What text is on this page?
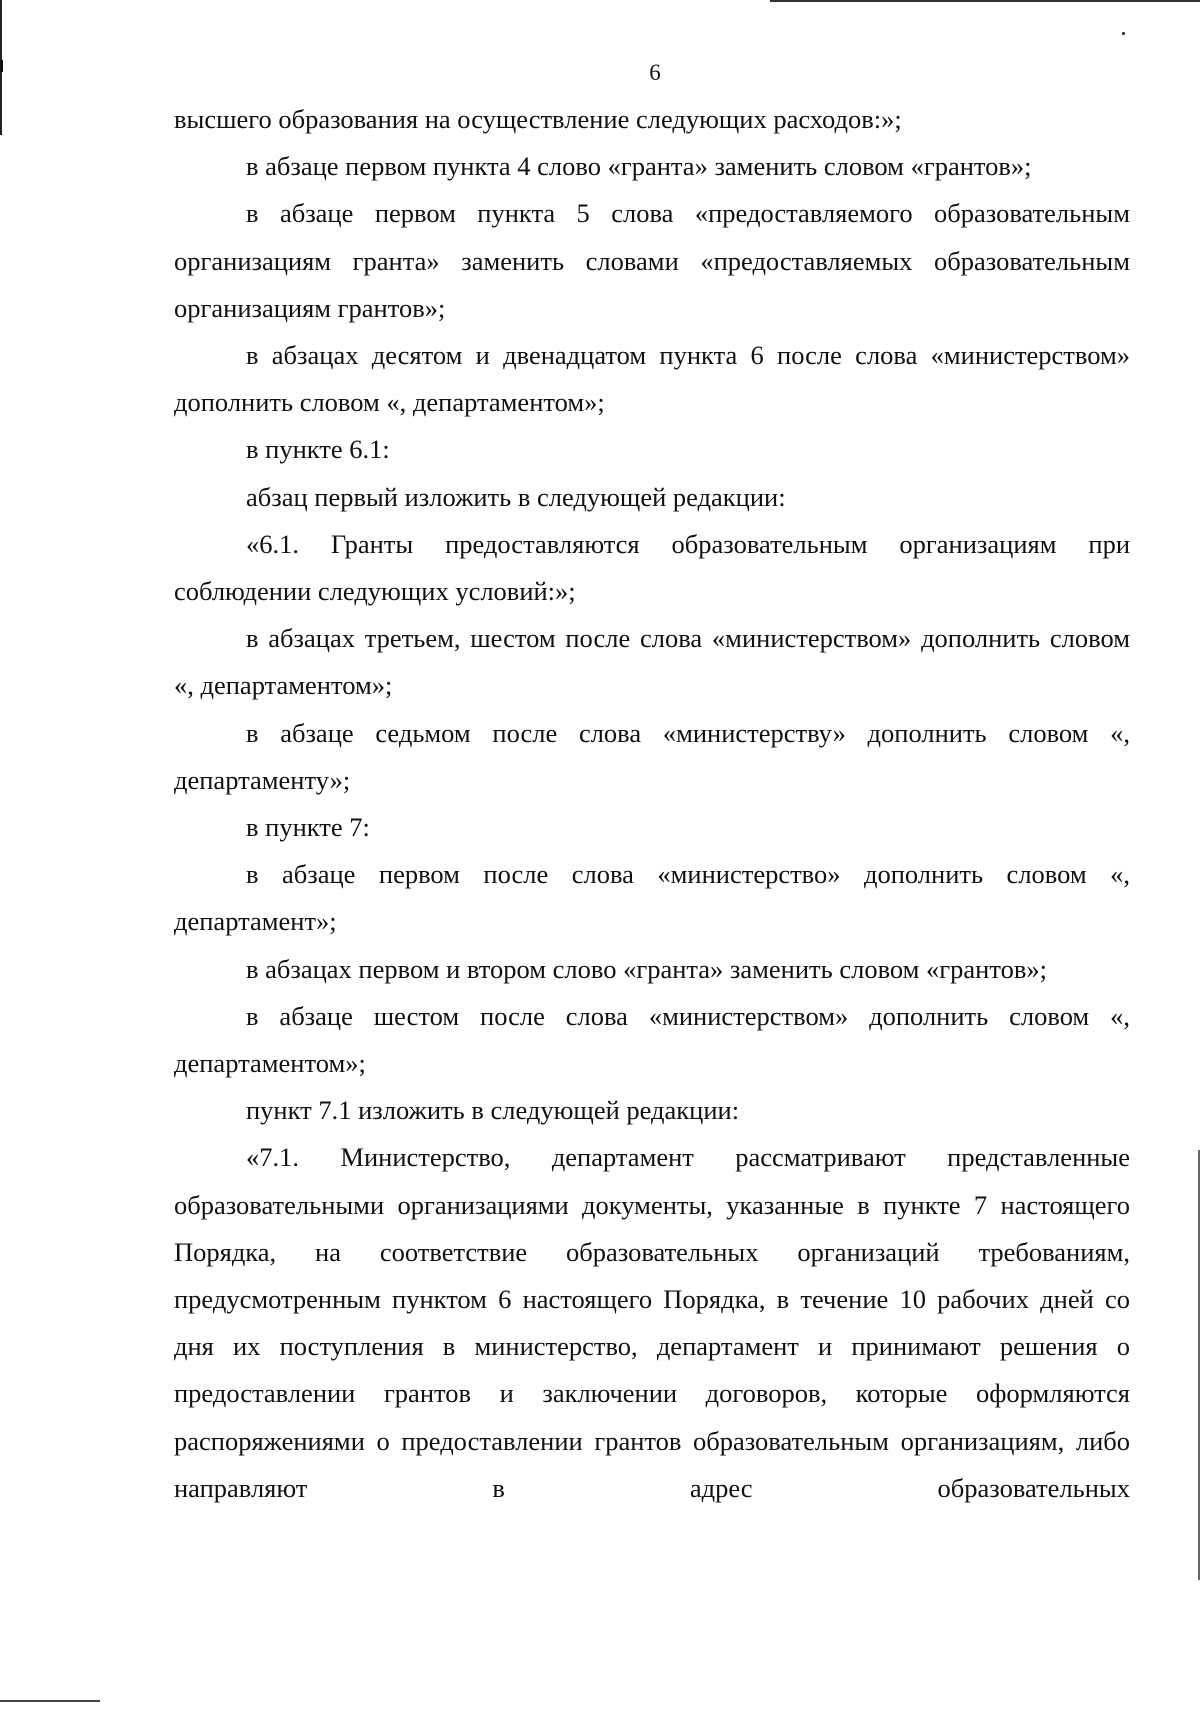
6

высшего образования на осуществление следующих расходов:»;

в абзаце первом пункта 4 слово «гранта» заменить словом «грантов»;

в абзаце первом пункта 5 слова «предоставляемого образовательным организациям гранта» заменить словами «предоставляемых образовательным организациям грантов»;

в абзацах десятом и двенадцатом пункта 6 после слова «министерством» дополнить словом «, департаментом»;

в пункте 6.1:

абзац первый изложить в следующей редакции:

«6.1. Гранты предоставляются образовательным организациям при соблюдении следующих условий:»;

в абзацах третьем, шестом после слова «министерством» дополнить словом «, департаментом»;

в абзаце седьмом после слова «министерству» дополнить словом «, департаменту»;

в пункте 7:

в абзаце первом после слова «министерство» дополнить словом «, департамент»;

в абзацах первом и втором слово «гранта» заменить словом «грантов»;

в абзаце шестом после слова «министерством» дополнить словом «, департаментом»;

пункт 7.1 изложить в следующей редакции:

«7.1. Министерство, департамент рассматривают представленные образовательными организациями документы, указанные в пункте 7 настоящего Порядка, на соответствие образовательных организаций требованиям, предусмотренным пунктом 6 настоящего Порядка, в течение 10 рабочих дней со дня их поступления в министерство, департамент и принимают решения о предоставлении грантов и заключении договоров, которые оформляются распоряжениями о предоставлении грантов образовательным организациям, либо направляют в адрес образовательных
